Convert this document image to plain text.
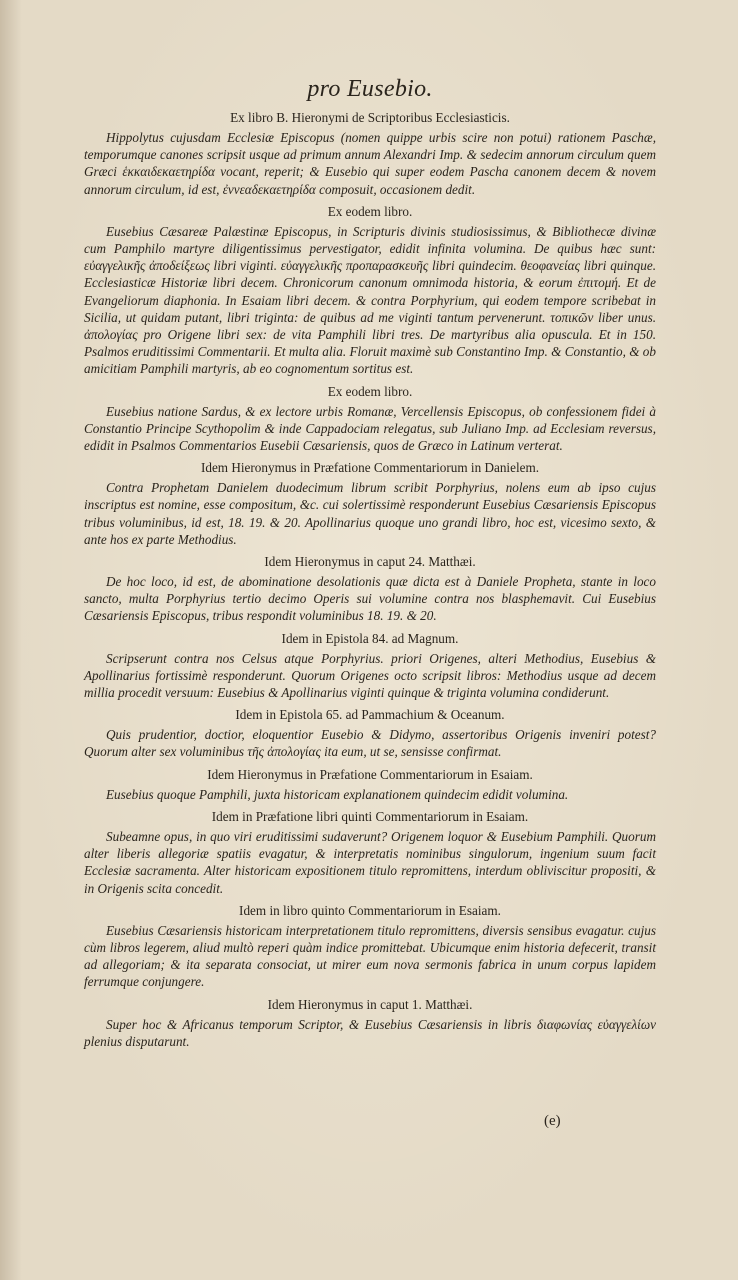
pro Eusebio.
Ex libro B. Hieronymi de Scriptoribus Ecclesiasticis.

Hippolytus cujusdam Ecclesiæ Episcopus (nomen quippe urbis scire non potui) rationem Paschæ, temporumque canones scripsit usque ad primum annum Alexandri Imp. & sedecim annorum circulum quem Græci ἑκκαιδεκαετηρίδα vocant, reperit; & Eusebio qui super eodem Pascha canonem decem & novem annorum circulum, id est, ἐννεαδεκαετηρίδα composuit, occasionem dedit.

Ex eodem libro.

Eusebius Cæsareæ Palæstinæ Episcopus, in Scripturis divinis studiosissimus, & Bibliothecæ divinæ cum Pamphilo martyre diligentissimus pervestigator, edidit infinita volumina. De quibus hæc sunt: εὐαγγελικῆς ἀποδείξεως libri viginti. εὐαγγελικῆς προπαρασκευῆς libri quindecim. θεοφανείας libri quinque. Ecclesiasticæ Historiæ libri decem. Chronicorum canonum omnimoda historia, & eorum ἐπιτομή. Et de Evangeliorum diaphonia. In Esaiam libri decem. & contra Porphyrium, qui eodem tempore scribebat in Sicilia, ut quidam putant, libri triginta: de quibus ad me viginti tantum pervenerunt. τοπικῶν liber unus. ἀπολογίας pro Origene libri sex: de vita Pamphili libri tres. De martyribus alia opuscula. Et in 150. Psalmos eruditissimi Commentarii. Et multa alia. Floruit maximè sub Constantino Imp. & Constantio, & ob amicitiam Pamphili martyris, ab eo cognomentum sortitus est.

Ex eodem libro.

Eusebius natione Sardus, & ex lectore urbis Romanæ, Vercellensis Episcopus, ob confessionem fidei à Constantio Principe Scythopolim & inde Cappadociam relegatus, sub Juliano Imp. ad Ecclesiam reversus, edidit in Psalmos Commentarios Eusebii Cæsariensis, quos de Græco in Latinum verterat.

Idem Hieronymus in Præfatione Commentariorum in Danielem.

Contra Prophetam Danielem duodecimum librum scribit Porphyrius, nolens eum ab ipso cujus inscriptus est nomine, esse compositum, &c. cui solertissimè responderunt Eusebius Cæsariensis Episcopus tribus voluminibus, id est, 18. 19. & 20. Apollinarius quoque uno grandi libro, hoc est, vicesimo sexto, & ante hos ex parte Methodius.

Idem Hieronymus in caput 24. Matthæi.

De hoc loco, id est, de abominatione desolationis quæ dicta est à Daniele Propheta, stante in loco sancto, multa Porphyrius tertio decimo Operis sui volumine contra nos blasphemavit. Cui Eusebius Cæsariensis Episcopus, tribus respondit voluminibus 18. 19. & 20.

Idem in Epistola 84. ad Magnum.

Scripserunt contra nos Celsus atque Porphyrius. priori Origenes, alteri Methodius, Eusebius & Apollinarius fortissimè responderunt. Quorum Origenes octo scripsit libros: Methodius usque ad decem millia procedit versuum: Eusebius & Apollinarius viginti quinque & triginta volumina condiderunt.

Idem in Epistola 65. ad Pammachium & Oceanum.

Quis prudentior, doctior, eloquentior Eusebio & Didymo, assertoribus Origenis inveniri potest? Quorum alter sex voluminibus τῆς ἀπολογίας ita eum, ut se, sensisse confirmat.

Idem Hieronymus in Præfatione Commentariorum in Esaiam.

Eusebius quoque Pamphili, juxta historicam explanationem quindecim edidit volumina.

Idem in Præfatione libri quinti Commentariorum in Esaiam.

Subeamne opus, in quo viri eruditissimi sudaverunt? Origenem loquor & Eusebium Pamphili. Quorum alter liberis allegoriæ spatiis evagatur, & interpretatis nominibus singulorum, ingenium suum facit Ecclesiæ sacramenta. Alter historicam expositionem titulo repromittens, interdum obliviscitur propositi, & in Origenis scita concedit.

Idem in libro quinto Commentariorum in Esaiam.

Eusebius Cæsariensis historicam interpretationem titulo repromittens, diversis sensibus evagatur. cujus cùm libros legerem, aliud multò reperi quàm indice promittebat. Ubicumque enim historia defecerit, transit ad allegoriam; & ita separata consociat, ut mirer eum nova sermonis fabrica in unum corpus lapidem ferrumque conjungere.

Idem Hieronymus in caput 1. Matthæi.

Super hoc & Africanus temporum Scriptor, & Eusebius Cæsariensis in libris διαφωνίας εὐαγγελίων plenius disputarunt.

(e)
